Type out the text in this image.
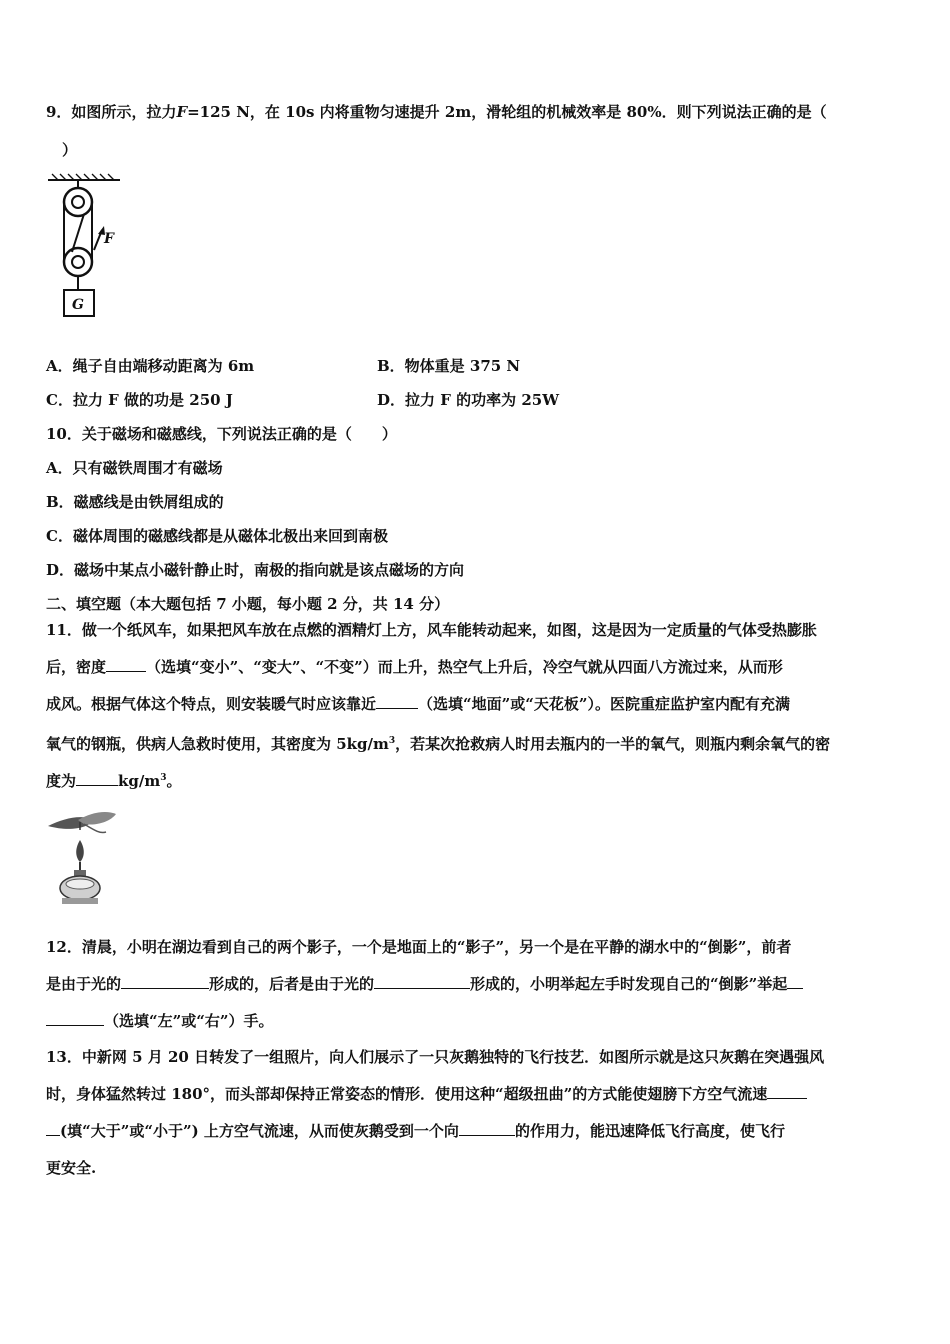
9．如图所示，拉力F=125 N，在 10s 内将重物匀速提升 2m，滑轮组的机械效率是 80%．则下列说法正确的是（
）
F
G
A．绳子自由端移动距离为 6m	B．物体重是 375 N
C．拉力 F 做的功是 250 J	D．拉力 F 的功率为 25W
10．关于磁场和磁感线，下列说法正确的是（　　）
A．只有磁铁周围才有磁场
B．磁感线是由铁屑组成的
C．磁体周围的磁感线都是从磁体北极出来回到南极
D．磁场中某点小磁针静止时，南极的指向就是该点磁场的方向
二、填空题（本大题包括 7 小题，每小题 2 分，共 14 分）
11．做一个纸风车，如果把风车放在点燃的酒精灯上方，风车能转动起来，如图，这是因为一定质量的气体受热膨胀
后，密度	（选填“变小”、“变大”、“不变”）而上升，热空气上升后，冷空气就从四面八方流过来，从而形
成风。根据气体这个特点，则安装暖气时应该靠近	（选填“地面”或“天花板”）。医院重症监护室内配有充满
氧气的钢瓶，供病人急救时使用，其密度为 $5kg/m^3$，若某次抢救病人时用去瓶内的一半的氧气，则瓶内剩余氧气的密
度为	$kg/m^3$。
12．清晨，小明在湖边看到自己的两个影子，一个是地面上的“影子”，另一个是在平静的湖水中的“倒影”，前者
是由于光的	形成的，后者是由于光的	形成的，小明举起左手时发现自己的“倒影”举起
（选填“左”或“右”）手。
13．中新网 5 月 20 日转发了一组照片，向人们展示了一只灰鹅独特的飞行技艺．如图所示就是这只灰鹅在突遇强风
时，身体猛然转过 180°，而头部却保持正常姿态的情形．使用这种“超级扭曲”的方式能使翅膀下方空气流速
(填“大于”或“小于”) 上方空气流速，从而使灰鹅受到一个向	的作用力，能迅速降低飞行高度，使飞行
更安全.
